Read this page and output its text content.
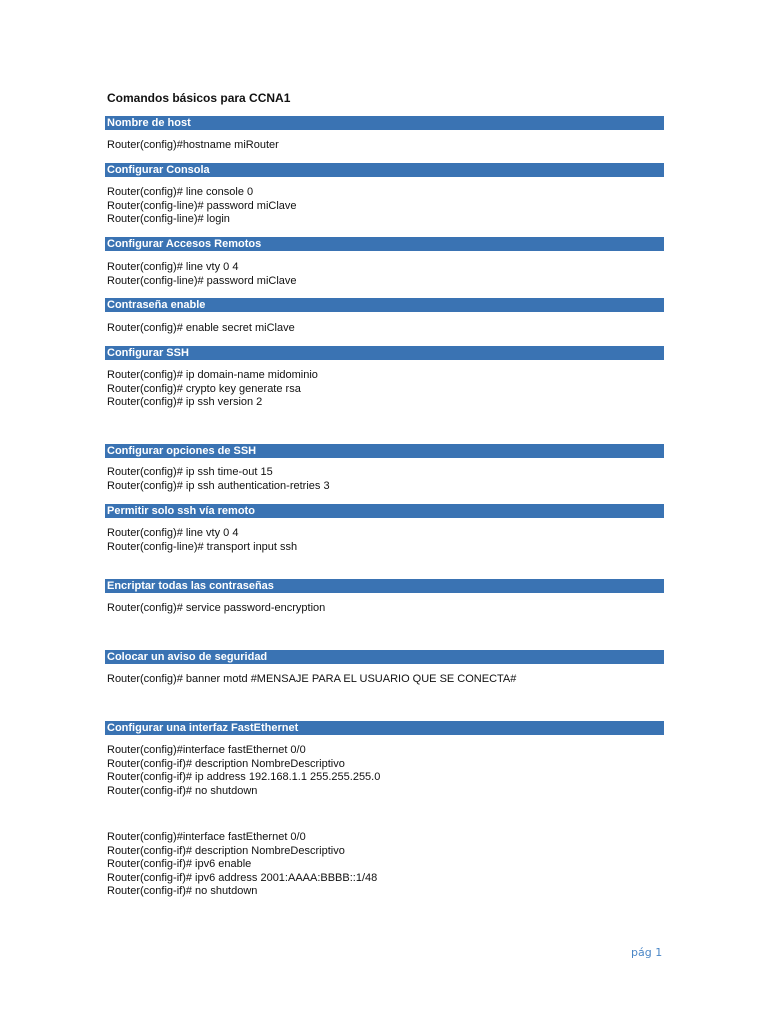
Comandos básicos para CCNA1
Nombre de host
Router(config)#hostname miRouter
Configurar Consola
Router(config)# line console 0
Router(config-line)# password miClave
Router(config-line)# login
Configurar Accesos Remotos
Router(config)# line vty 0 4
Router(config-line)# password miClave
Contraseña enable
Router(config)# enable secret miClave
Configurar SSH
Router(config)# ip domain-name midominio
Router(config)# crypto key generate rsa
Router(config)# ip ssh version 2
Configurar opciones de SSH
Router(config)# ip ssh time-out 15
Router(config)# ip ssh authentication-retries 3
Permitir solo ssh vía remoto
Router(config)# line vty 0 4
Router(config-line)# transport input ssh
Encriptar todas las contraseñas
Router(config)# service password-encryption
Colocar un aviso de seguridad
Router(config)# banner motd #MENSAJE PARA EL USUARIO QUE SE CONECTA#
Configurar una interfaz FastEthernet
Router(config)#interface fastEthernet 0/0
Router(config-if)# description NombreDescriptivo
Router(config-if)# ip address 192.168.1.1 255.255.255.0
Router(config-if)# no shutdown
Router(config)#interface fastEthernet 0/0
Router(config-if)# description NombreDescriptivo
Router(config-if)# ipv6 enable
Router(config-if)# ipv6 address 2001:AAAA:BBBB::1/48
Router(config-if)# no shutdown
pág 1
